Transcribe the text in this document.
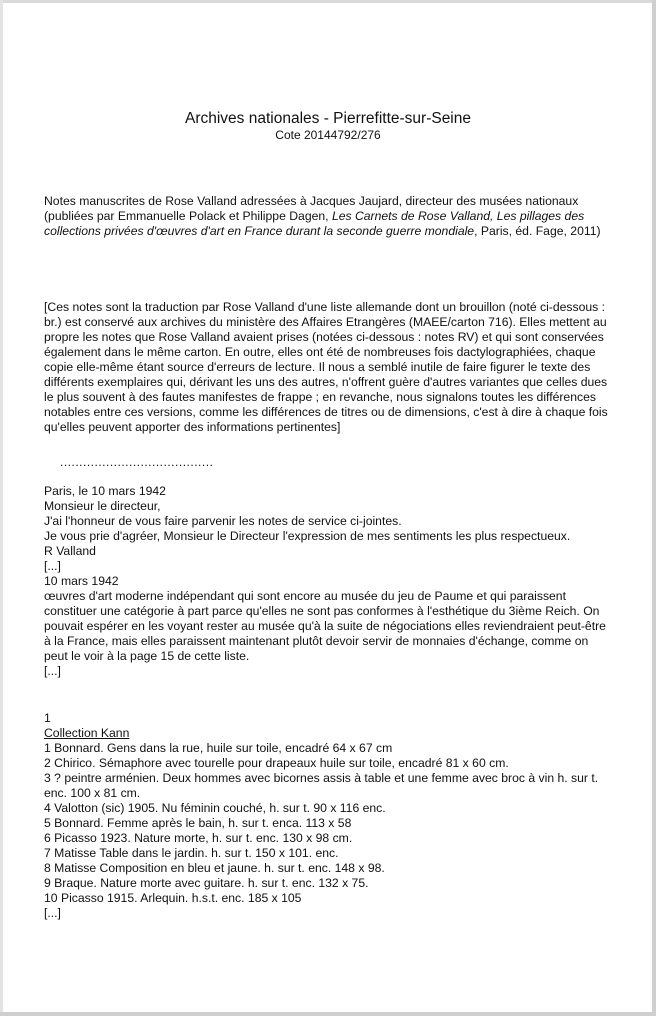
Archives nationales - Pierrefitte-sur-Seine
Cote 20144792/276
Notes manuscrites de Rose Valland adressées à Jacques Jaujard, directeur des musées nationaux (publiées par Emmanuelle Polack et Philippe Dagen, Les Carnets de Rose Valland, Les pillages des collections privées d'œuvres d'art en France durant la seconde guerre mondiale, Paris, éd. Fage, 2011)
[Ces notes sont la traduction par Rose Valland d'une liste allemande dont un brouillon (noté ci-dessous : br.) est conservé aux archives du ministère des Affaires Etrangères (MAEE/carton 716). Elles mettent au propre les notes que Rose Valland avaient prises (notées ci-dessous : notes RV) et qui sont conservées également dans le même carton. En outre, elles ont été de nombreuses fois dactylographiées, chaque copie elle-même étant source d'erreurs de lecture. Il nous a semblé inutile de faire figurer le texte des différents exemplaires qui, dérivant les uns des autres, n'offrent guère d'autres variantes que celles dues le plus souvent à des fautes manifestes de frappe ; en revanche, nous signalons toutes les différences notables entre ces versions, comme les différences de titres ou de dimensions, c'est à dire à chaque fois qu'elles peuvent apporter des informations pertinentes]
........................................
Paris, le 10 mars 1942
Monsieur le directeur,
J'ai l'honneur de vous faire parvenir les notes de service ci-jointes.
Je vous prie d'agréer, Monsieur le Directeur l'expression de mes sentiments les plus respectueux.
R Valland
[...]
10 mars 1942
œuvres d'art moderne indépendant qui sont encore au musée du jeu de Paume et qui paraissent constituer une catégorie à part parce qu'elles ne sont pas conformes à l'esthétique du 3ième Reich. On pouvait espérer en les voyant rester au musée qu'à la suite de négociations elles reviendraient peut-être à la France, mais elles paraissent maintenant plutôt devoir servir de monnaies d'échange, comme on peut le voir à la page 15 de cette liste.
[...]
1
Collection Kann
1 Bonnard. Gens dans la rue, huile sur toile, encadré 64 x 67 cm
2 Chirico. Sémaphore avec tourelle pour drapeaux huile sur toile, encadré 81 x 60 cm.
3 ? peintre arménien. Deux hommes avec bicornes assis à table et une femme avec broc à vin h. sur t. enc. 100 x 81 cm.
4 Valotton (sic) 1905. Nu féminin couché, h. sur t. 90 x 116 enc.
5 Bonnard. Femme après le bain, h. sur t. enca. 113 x 58
6 Picasso 1923. Nature morte, h. sur t. enc. 130 x 98 cm.
7 Matisse Table dans le jardin. h. sur t. 150 x 101. enc.
8 Matisse Composition en bleu et jaune. h. sur t. enc. 148 x 98.
9 Braque. Nature morte avec guitare. h. sur t. enc. 132 x 75.
10 Picasso 1915. Arlequin. h.s.t. enc. 185 x 105
[...]
